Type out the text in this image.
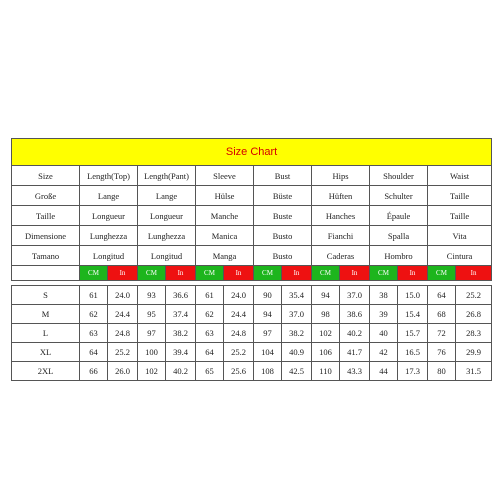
Size Chart														
Size	Length(Top)		Length(Pant)		Sleeve		Bust		Hips		Shoulder		Waist	
Große	Lange		Lange		Hülse		Büste		Hüften		Schulter		Taille	
Taille	Longueur		Longueur		Manche		Buste		Hanches		Épaule		Taille	
Dimensione	Lunghezza		Lunghezza		Manica		Busto		Fianchi		Spalla		Vita	
Tamano	Longitud		Longitud		Manga		Busto		Caderas		Hombro		Cintura	
	CM	In	CM	In	CM	In	CM	In	CM	In	CM	In	CM	In

S	61	24.0	93	36.6	61	24.0	90	35.4	94	37.0	38	15.0	64	25.2
M	62	24.4	95	37.4	62	24.4	94	37.0	98	38.6	39	15.4	68	26.8
L	63	24.8	97	38.2	63	24.8	97	38.2	102	40.2	40	15.7	72	28.3
XL	64	25.2	100	39.4	64	25.2	104	40.9	106	41.7	42	16.5	76	29.9
2XL	66	26.0	102	40.2	65	25.6	108	42.5	110	43.3	44	17.3	80	31.5
